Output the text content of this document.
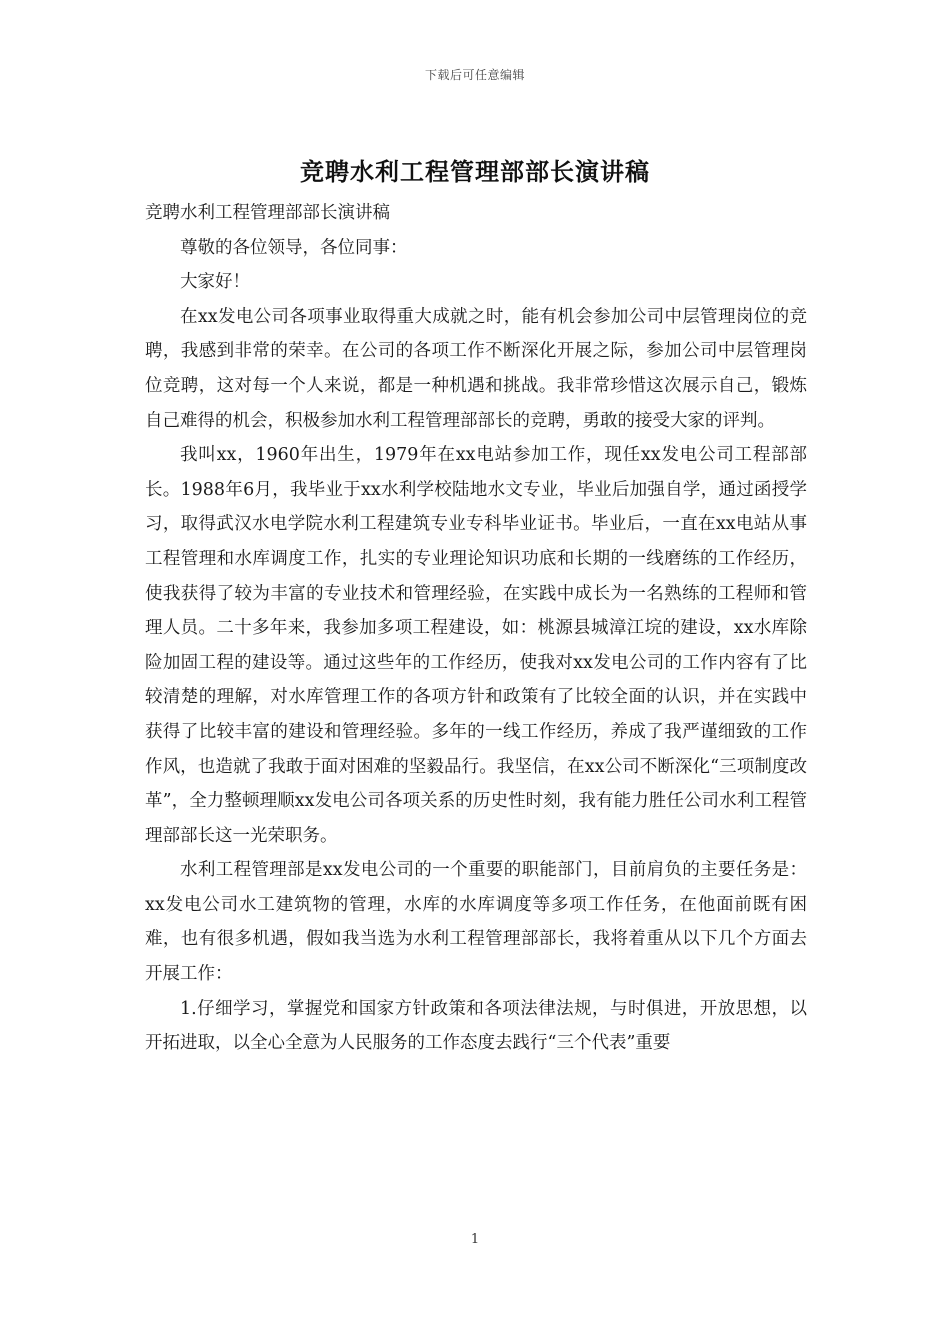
下载后可任意编辑
竞聘水利工程管理部部长演讲稿

竞聘水利工程管理部部长演讲稿

尊敬的各位领导，各位同事：

大家好！

在xx发电公司各项事业取得重大成就之时，能有机会参加公司中层管理岗位的竞聘，我感到非常的荣幸。在公司的各项工作不断深化开展之际，参加公司中层管理岗位竞聘，这对每一个人来说，都是一种机遇和挑战。我非常珍惜这次展示自己，锻炼自己难得的机会，积极参加水利工程管理部部长的竞聘，勇敢的接受大家的评判。

我叫xx，1960年出生，1979年在xx电站参加工作，现任xx发电公司工程部部长。1988年6月，我毕业于xx水利学校陆地水文专业，毕业后加强自学，通过函授学习，取得武汉水电学院水利工程建筑专业专科毕业证书。毕业后，一直在xx电站从事工程管理和水库调度工作，扎实的专业理论知识功底和长期的一线磨练的工作经历，使我获得了较为丰富的专业技术和管理经验，在实践中成长为一名熟练的工程师和管理人员。二十多年来，我参加多项工程建设，如：桃源县城漳江垸的建设，xx水库除险加固工程的建设等。通过这些年的工作经历，使我对xx发电公司的工作内容有了比较清楚的理解，对水库管理工作的各项方针和政策有了比较全面的认识，并在实践中获得了比较丰富的建设和管理经验。多年的一线工作经历，养成了我严谨细致的工作作风，也造就了我敢于面对困难的坚毅品行。我坚信，在xx公司不断深化“三项制度改革”，全力整顿理顺xx发电公司各项关系的历史性时刻，我有能力胜任公司水利工程管理部部长这一光荣职务。

水利工程管理部是xx发电公司的一个重要的职能部门，目前肩负的主要任务是：xx发电公司水工建筑物的管理，水库的水库调度等多项工作任务，在他面前既有困难，也有很多机遇，假如我当选为水利工程管理部部长，我将着重从以下几个方面去开展工作：

1.仔细学习，掌握党和国家方针政策和各项法律法规，与时俱进，开放思想，以开拓进取，以全心全意为人民服务的工作态度去践行“三个代表”重要

1
